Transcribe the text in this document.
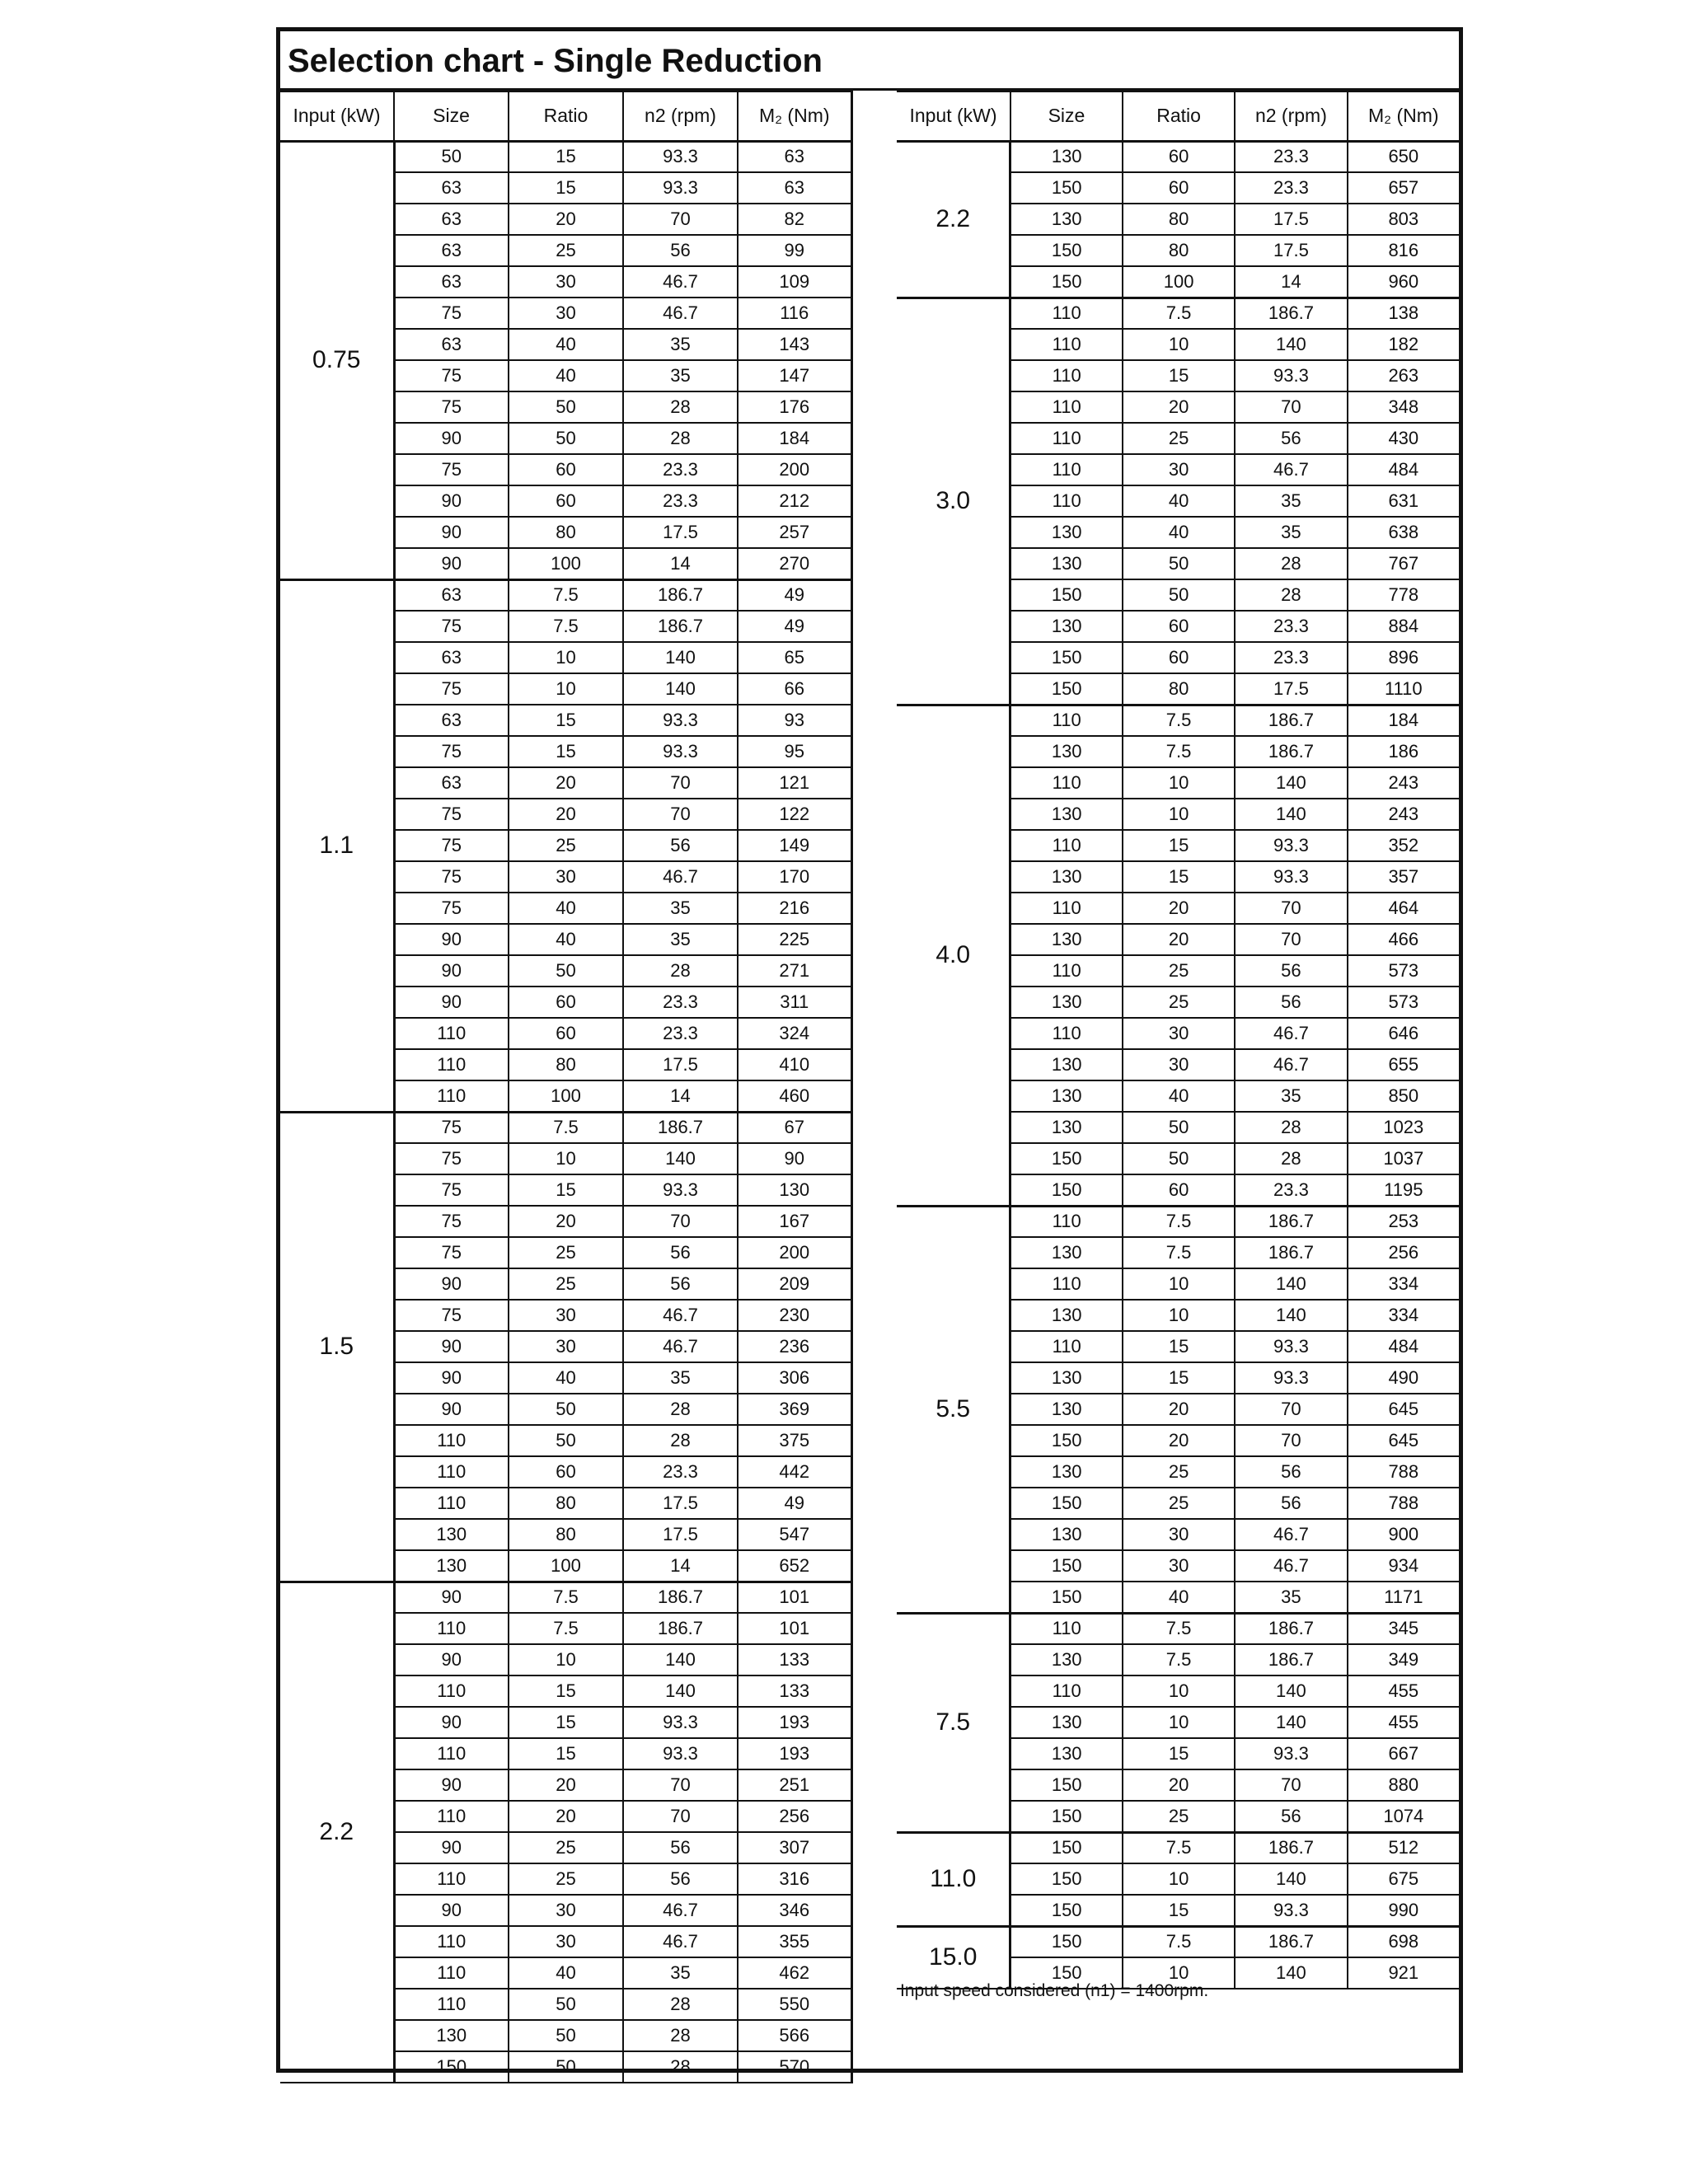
Selection chart - Single Reduction
Input (kW)	Size	Ratio	n2 (rpm)	M₂ (Nm)
0.75	50	15	93.3	63
	63	15	93.3	63
	63	20	70	82
	63	25	56	99
	63	30	46.7	109
	75	30	46.7	116
	63	40	35	143
	75	40	35	147
	75	50	28	176
	90	50	28	184
	75	60	23.3	200
	90	60	23.3	212
	90	80	17.5	257
	90	100	14	270
1.1	63	7.5	186.7	49
	75	7.5	186.7	49
	63	10	140	65
	75	10	140	66
	63	15	93.3	93
	75	15	93.3	95
	63	20	70	121
	75	20	70	122
	75	25	56	149
	75	30	46.7	170
	75	40	35	216
	90	40	35	225
	90	50	28	271
	90	60	23.3	311
	110	60	23.3	324
	110	80	17.5	410
	110	100	14	460
1.5	75	7.5	186.7	67
	75	10	140	90
	75	15	93.3	130
	75	20	70	167
	75	25	56	200
	90	25	56	209
	75	30	46.7	230
	90	30	46.7	236
	90	40	35	306
	90	50	28	369
	110	50	28	375
	110	60	23.3	442
	110	80	17.5	49
	130	80	17.5	547
	130	100	14	652
2.2	90	7.5	186.7	101
	110	7.5	186.7	101
	90	10	140	133
	110	15	140	133
	90	15	93.3	193
	110	15	93.3	193
	90	20	70	251
	110	20	70	256
	90	25	56	307
	110	25	56	316
	90	30	46.7	346
	110	30	46.7	355
	110	40	35	462
	110	50	28	550
	130	50	28	566
	150	50	28	570
Input (kW)	Size	Ratio	n2 (rpm)	M₂ (Nm)
2.2	130	60	23.3	650
	150	60	23.3	657
	130	80	17.5	803
	150	80	17.5	816
	150	100	14	960
3.0	110	7.5	186.7	138
	110	10	140	182
	110	15	93.3	263
	110	20	70	348
	110	25	56	430
	110	30	46.7	484
	110	40	35	631
	130	40	35	638
	130	50	28	767
	150	50	28	778
	130	60	23.3	884
	150	60	23.3	896
	150	80	17.5	1110
4.0	110	7.5	186.7	184
	130	7.5	186.7	186
	110	10	140	243
	130	10	140	243
	110	15	93.3	352
	130	15	93.3	357
	110	20	70	464
	130	20	70	466
	110	25	56	573
	130	25	56	573
	110	30	46.7	646
	130	30	46.7	655
	130	40	35	850
	130	50	28	1023
	150	50	28	1037
	150	60	23.3	1195
5.5	110	7.5	186.7	253
	130	7.5	186.7	256
	110	10	140	334
	130	10	140	334
	110	15	93.3	484
	130	15	93.3	490
	130	20	70	645
	150	20	70	645
	130	25	56	788
	150	25	56	788
	130	30	46.7	900
	150	30	46.7	934
	150	40	35	1171
7.5	110	7.5	186.7	345
	130	7.5	186.7	349
	110	10	140	455
	130	10	140	455
	130	15	93.3	667
	150	20	70	880
	150	25	56	1074
11.0	150	7.5	186.7	512
	150	10	140	675
	150	15	93.3	990
15.0	150	7.5	186.7	698
	150	10	140	921
Input speed considered (n1) = 1400rpm.
